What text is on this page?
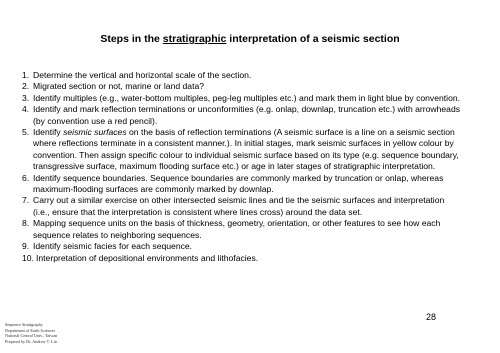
Steps in the stratigraphic interpretation of a seismic section
1. Determine the vertical and horizontal scale of the section.
2. Migrated section or not, marine or land data?
3. Identify multiples (e.g., water-bottom multiples, peg-leg multiples etc.) and mark them in light blue by convention.
4. Identify and mark reflection terminations or unconformities (e.g. onlap, downlap, truncation etc.) with arrowheads (by convention use a red pencil).
5. Identify seismic surfaces on the basis of reflection terminations (A seismic surface is a line on a seismic section where reflections terminate in a consistent manner.). In initial stages, mark seismic surfaces in yellow colour by convention. Then assign specific colour to individual seismic surface based on its type (e.g. sequence boundary, transgressive surface, maximum flooding surface etc.) or age in later stages of stratigraphic interpretation.
6. Identify sequence boundaries. Sequence boundaries are commonly marked by truncation or onlap, whereas maximum-flooding surfaces are commonly marked by downlap.
7. Carry out a similar exercise on other intersected seismic lines and tie the seismic surfaces and interpretation (i.e., ensure that the interpretation is consistent where lines cross) around the data set.
8. Mapping sequence units on the basis of thickness, geometry, orientation, or other features to see how each sequence relates to neighboring sequences.
9. Identify seismic facies for each sequence.
10. Interpretation of depositional environments and lithofacies.
28
Sequence Stratigraphy
Department of Earth Sciences
National Central Univ., Taiwan
Prepared by Dr. Andrew T. Lin
